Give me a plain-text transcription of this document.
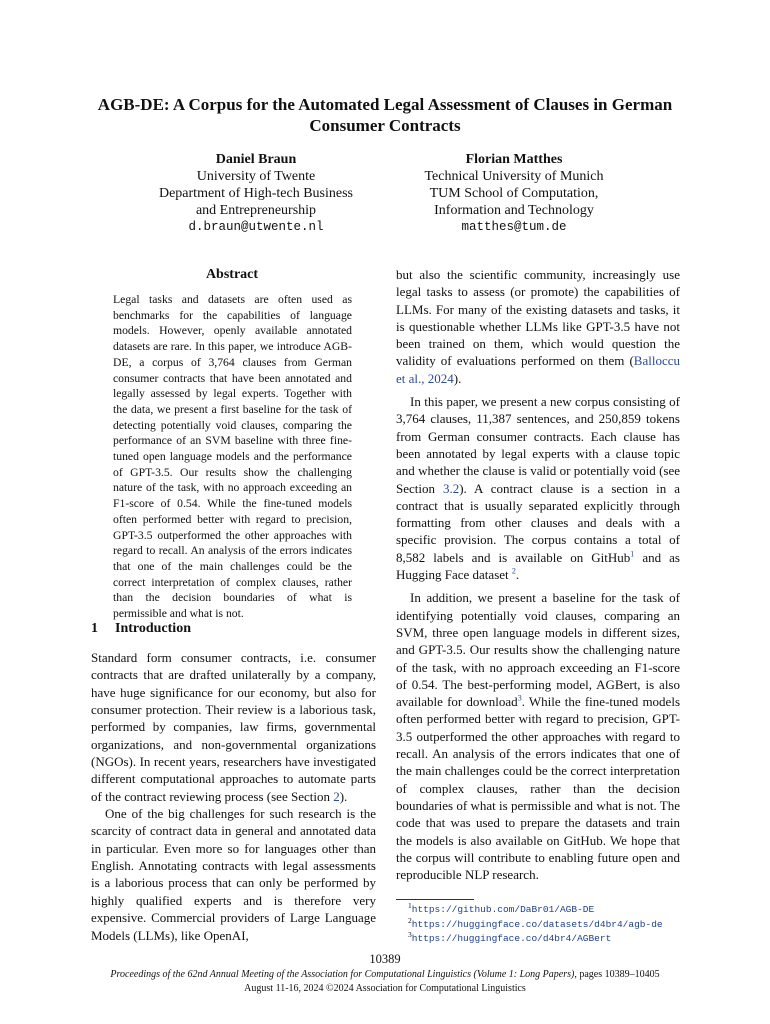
AGB-DE: A Corpus for the Automated Legal Assessment of Clauses in German Consumer Contracts
Daniel Braun
University of Twente
Department of High-tech Business
and Entrepreneurship
d.braun@utwente.nl
Florian Matthes
Technical University of Munich
TUM School of Computation,
Information and Technology
matthes@tum.de
Abstract
Legal tasks and datasets are often used as benchmarks for the capabilities of language models. However, openly available annotated datasets are rare. In this paper, we introduce AGB-DE, a corpus of 3,764 clauses from German consumer contracts that have been annotated and legally assessed by legal experts. Together with the data, we present a first baseline for the task of detecting potentially void clauses, comparing the performance of an SVM baseline with three fine-tuned open language models and the performance of GPT-3.5. Our results show the challenging nature of the task, with no approach exceeding an F1-score of 0.54. While the fine-tuned models often performed better with regard to precision, GPT-3.5 outperformed the other approaches with regard to recall. An analysis of the errors indicates that one of the main challenges could be the correct interpretation of complex clauses, rather than the decision boundaries of what is permissible and what is not.
1 Introduction

Standard form consumer contracts, i.e. consumer contracts that are drafted unilaterally by a company, have huge significance for our economy, but also for consumer protection. Their review is a laborious task, performed by companies, law firms, governmental organizations, and non-governmental organizations (NGOs). In recent years, researchers have investigated different computational approaches to automate parts of the contract reviewing process (see Section 2).

One of the big challenges for such research is the scarcity of contract data in general and annotated data in particular. Even more so for languages other than English. Annotating contracts with legal assessments is a laborious process that can only be performed by highly qualified experts and is therefore very expensive. Commercial providers of Large Language Models (LLMs), like OpenAI,

but also the scientific community, increasingly use legal tasks to assess (or promote) the capabilities of LLMs. For many of the existing datasets and tasks, it is questionable whether LLMs like GPT-3.5 have not been trained on them, which would question the validity of evaluations performed on them (Balloccu et al., 2024).

In this paper, we present a new corpus consisting of 3,764 clauses, 11,387 sentences, and 250,859 tokens from German consumer contracts. Each clause has been annotated by legal experts with a clause topic and whether the clause is valid or potentially void (see Section 3.2). A contract clause is a section in a contract that is usually separated explicitly through formatting from other clauses and deals with a specific provision. The corpus contains a total of 8,582 labels and is available on GitHub$^1$ and as Hugging Face dataset $^2$.

In addition, we present a baseline for the task of identifying potentially void clauses, comparing an SVM, three open language models in different sizes, and GPT-3.5. Our results show the challenging nature of the task, with no approach exceeding an F1-score of 0.54. The best-performing model, AGBert, is also available for download$^3$. While the fine-tuned models often performed better with regard to precision, GPT-3.5 outperformed the other approaches with regard to recall. An analysis of the errors indicates that one of the main challenges could be the correct interpretation of complex clauses, rather than the decision boundaries of what is permissible and what is not. The code that was used to prepare the datasets and train the models is also available on GitHub. We hope that the corpus will contribute to enabling future open and reproducible NLP research.

$^1$https://github.com/DaBr01/AGB-DE
$^2$https://huggingface.co/datasets/d4br4/agb-de
$^3$https://huggingface.co/d4br4/AGBert
10389
Proceedings of the 62nd Annual Meeting of the Association for Computational Linguistics (Volume 1: Long Papers), pages 10389–10405
August 11-16, 2024 ©2024 Association for Computational Linguistics
